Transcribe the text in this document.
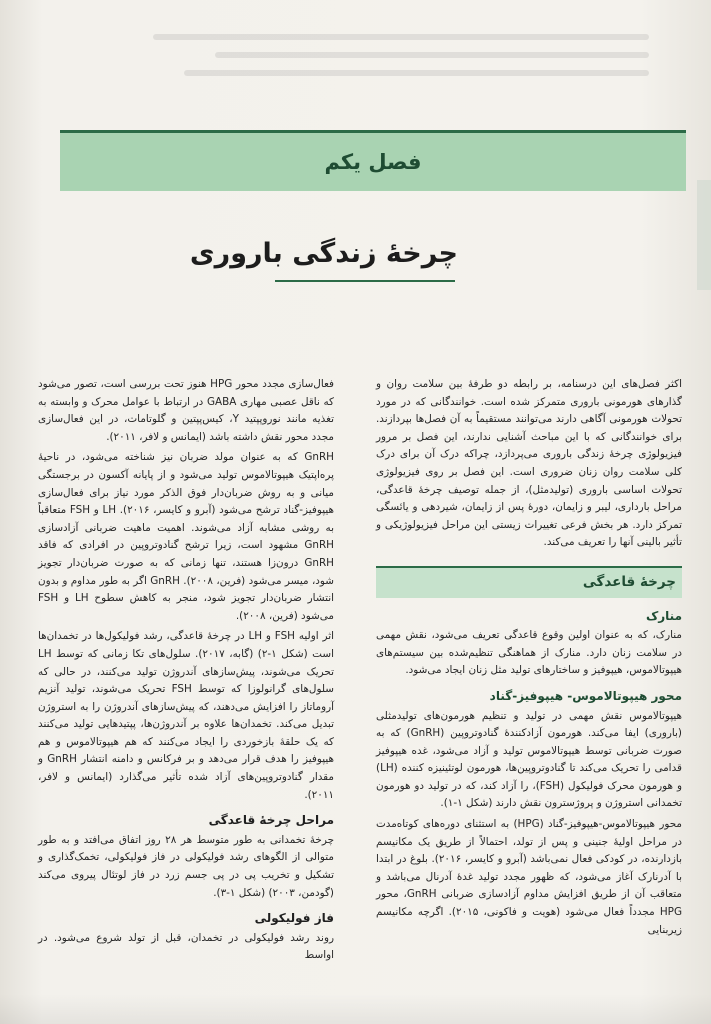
فصل یکم
چرخهٔ زندگی باروری

اکثر فصل‌های این درسنامه، بر رابطه دو طرفهٔ بین سلامت روان و گذارهای هورمونی باروری متمرکز شده است. خوانندگانی که در مورد تحولات هورمونی آگاهی دارند می‌توانند مستقیماً به آن فصل‌ها بپردازند. برای خوانندگانی که با این مباحث آشنایی ندارند، این فصل بر مرور فیزیولوژی چرخهٔ زندگی باروری می‌پردازد، چراکه درک آن برای درک کلی سلامت روان زنان ضروری است. این فصل بر روی فیزیولوژی تحولات اساسی باروری (تولیدمثل)، از جمله توصیف چرخهٔ قاعدگی، مراحل بارداری، لیبر و زایمان، دورهٔ پس از زایمان، شیردهی و یائسگی تمرکز دارد. هر بخش فرعی تغییرات زیستی این مراحل فیزیولوژیکی و تأثیر بالینی آنها را تعریف می‌کند.

چرخهٔ قاعدگی
منارک

منارک، که به عنوان اولین وقوع قاعدگی تعریف می‌شود، نقش مهمی در سلامت زنان دارد. منارک از هماهنگی تنظیم‌شده بین سیستم‌های هیپوتالاموس، هیپوفیز و ساختارهای تولید مثل زنان ایجاد می‌شود.

محور هیپوتالاموس- هیپوفیز-گناد

هیپوتالاموس نقش مهمی در تولید و تنظیم هورمون‌های تولیدمثلی (باروری) ایفا می‌کند. هورمون آزادکنندهٔ گنادوتروپین (GnRH) که به صورت ضربانی توسط هیپوتالاموس تولید و آزاد می‌شود، غده هیپوفیز قدامی را تحریک می‌کند تا گنادوتروپین‌ها، هورمون لوتئینیزه کننده (LH) و هورمون محرک فولیکول (FSH)، را آزاد کند، که در تولید دو هورمون تخمدانی استروژن و پروژسترون نقش دارند (شکل ۱-۱).

محور هیپوتالاموس-هیپوفیز-گناد (HPG) به استثنای دوره‌های کوتاه‌مدت در مراحل اولیهٔ جنینی و پس از تولد، احتمالاً از طریق یک مکانیسم بازدارنده، در کودکی فعال نمی‌باشد (آبرو و کایسر، ۲۰۱۶). بلوغ در ابتدا با آدرنارک آغاز می‌شود، که ظهور مجدد تولید غدهٔ آدرنال می‌باشد و متعاقب آن از طریق افزایش مداوم آزادسازی ضربانی GnRH، محور HPG مجدداً فعال می‌شود (هویت و فاکونی، ۲۰۱۵). اگرچه مکانیسم زیربنایی

فعال‌سازی مجدد محور HPG هنوز تحت بررسی است، تصور می‌شود که ناقل عصبی مهاری GABA در ارتباط با عوامل محرک و وابسته به تغذیه مانند نوروپپتید Y، کیس‌پپتین و گلوتامات، در این فعال‌سازی مجدد محور نقش داشته باشد (ایمانس و لافر، ۲۰۱۱).

GnRH که به عنوان مولد ضربان نیز شناخته می‌شود، در ناحیهٔ پره‌اپتیک هیپوتالاموس تولید می‌شود و از پایانه آکسون در برجستگی میانی و به روش ضربان‌دار فوق الذکر مورد نیاز برای فعال‌سازی هیپوفیز-گناد ترشح می‌شود (آبرو و کایسر، ۲۰۱۶). LH و FSH متعاقباً به روشی مشابه آزاد می‌شوند. اهمیت ماهیت ضربانی آزادسازی GnRH مشهود است، زیرا ترشح گنادوتروپین در افرادی که فاقد GnRH درون‌زا هستند، تنها زمانی که به صورت ضربان‌دار تجویز شود، میسر می‌شود (فرین، ۲۰۰۸). GnRH اگر به طور مداوم و بدون انتشار ضربان‌دار تجویز شود، منجر به کاهش سطوح LH و FSH می‌شود (فرین، ۲۰۰۸).

اثر اولیه FSH و LH در چرخهٔ قاعدگی، رشد فولیکول‌ها در تخمدان‌ها است (شکل ۱-۲) (گابه، ۲۰۱۷). سلول‌های تکا زمانی که توسط LH تحریک می‌شوند، پیش‌سازهای آندروژن تولید می‌کنند، در حالی که سلول‌های گرانولوزا که توسط FSH تحریک می‌شوند، تولید آنزیم آروماتاز را افزایش می‌دهند، که پیش‌سازهای آندروژن را به استروژن تبدیل می‌کند. تخمدان‌ها علاوه بر آندروژن‌ها، پپتیدهایی تولید می‌کنند که یک حلقهٔ بازخوردی را ایجاد می‌کنند که هم هیپوتالاموس و هم هیپوفیز را هدف قرار می‌دهد و بر فرکانس و دامنه انتشار GnRH و مقدار گنادوتروپین‌های آزاد شده تأثیر می‌گذارد (ایمانس و لافر، ۲۰۱۱).

مراحل چرخهٔ قاعدگی

چرخهٔ تخمدانی به طور متوسط هر ۲۸ روز اتفاق می‌افتد و به طور متوالی از الگوهای رشد فولیکولی در فاز فولیکولی، تخمک‌گذاری و تشکیل و تخریب پی در پی جسم زرد در فاز لوتئال پیروی می‌کند (گودمن، ۲۰۰۳) (شکل ۱-۳).

فاز فولیکولی

روند رشد فولیکولی در تخمدان، قبل از تولد شروع می‌شود. در اواسط
